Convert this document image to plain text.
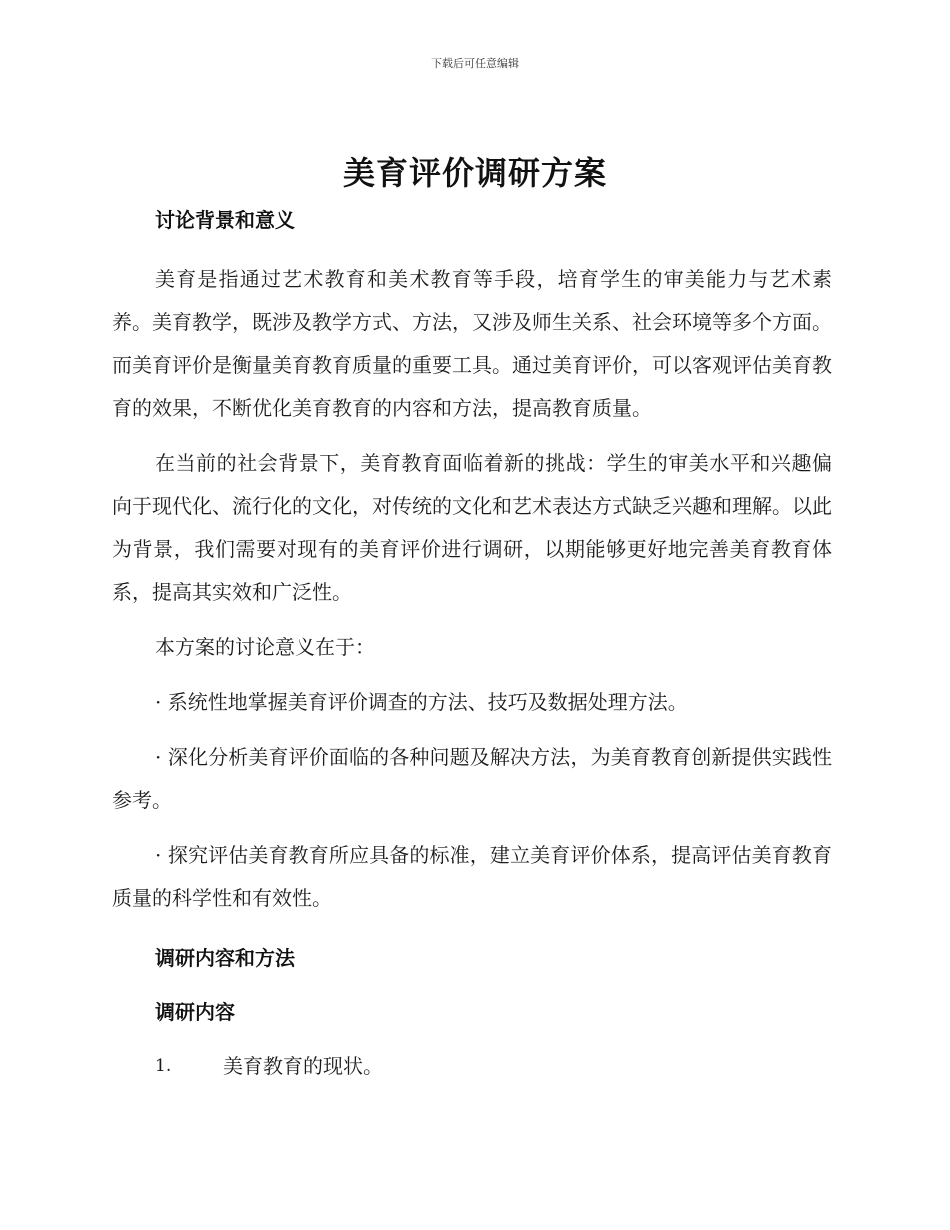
下载后可任意编辑
美育评价调研方案

讨论背景和意义

美育是指通过艺术教育和美术教育等手段，培育学生的审美能力与艺术素养。美育教学，既涉及教学方式、方法，又涉及师生关系、社会环境等多个方面。而美育评价是衡量美育教育质量的重要工具。通过美育评价，可以客观评估美育教育的效果，不断优化美育教育的内容和方法，提高教育质量。

在当前的社会背景下，美育教育面临着新的挑战：学生的审美水平和兴趣偏向于现代化、流行化的文化，对传统的文化和艺术表达方式缺乏兴趣和理解。以此为背景，我们需要对现有的美育评价进行调研，以期能够更好地完善美育教育体系，提高其实效和广泛性。

本方案的讨论意义在于：

· 系统性地掌握美育评价调查的方法、技巧及数据处理方法。

· 深化分析美育评价面临的各种问题及解决方法，为美育教育创新提供实践性参考。

· 探究评估美育教育所应具备的标准，建立美育评价体系，提高评估美育教育质量的科学性和有效性。

调研内容和方法

调研内容

1.	美育教育的现状。
